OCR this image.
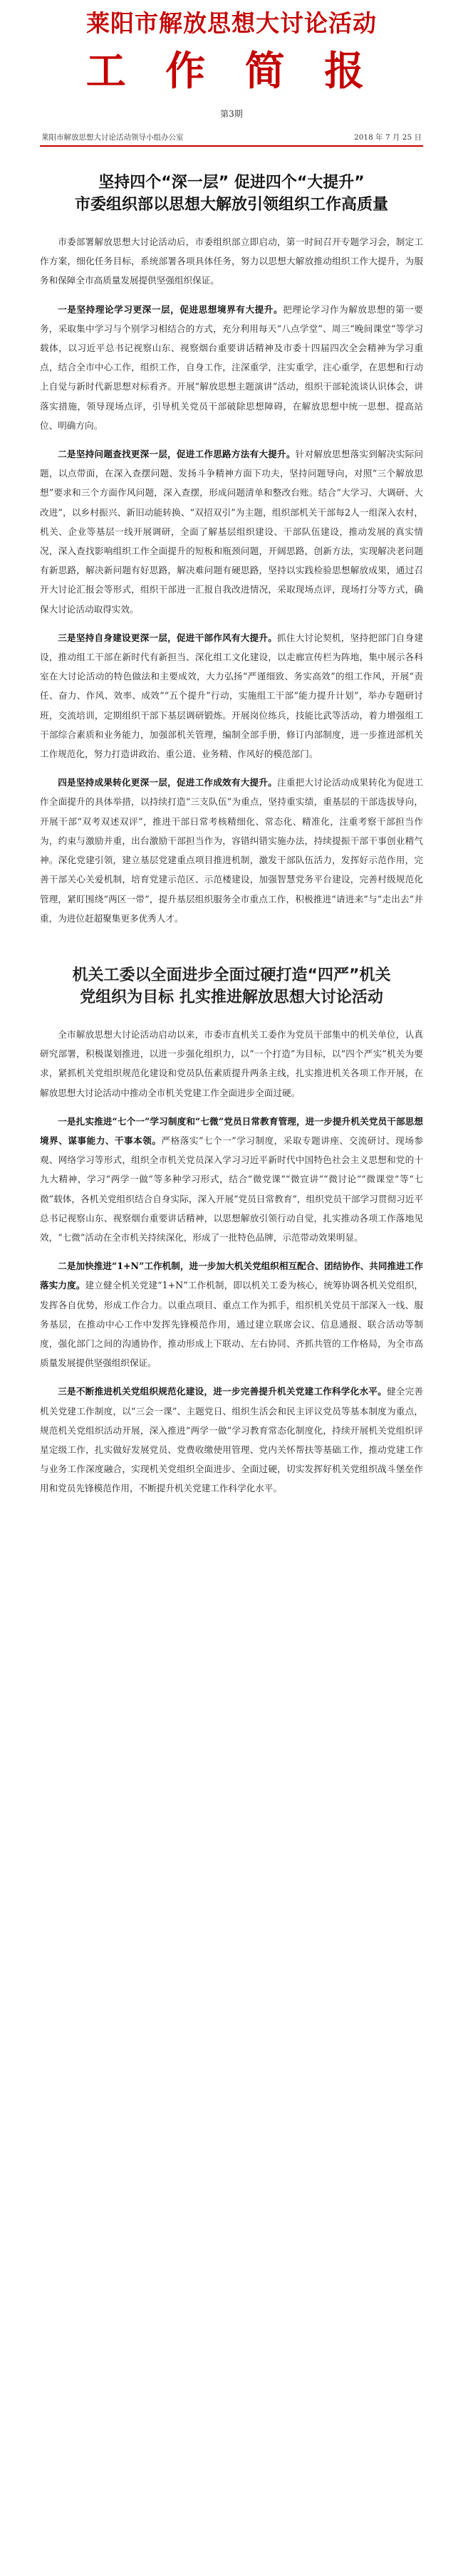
莱阳市解放思想大讨论活动
工 作 简 报
第3期
莱阳市解放思想大讨论活动领导小组办公室	2018 年 7 月 25 日
坚持四个“深一层” 促进四个“大提升”
市委组织部以思想大解放引领组织工作高质量

市委部署解放思想大讨论活动后，市委组织部立即启动，第一时间召开专题学习会，制定工作方案，细化任务目标，系统部署各项具体任务，努力以思想大解放推动组织工作大提升，为服务和保障全市高质量发展提供坚强组织保证。

一是坚持理论学习更深一层，促进思想境界有大提升。把理论学习作为解放思想的第一要务，采取集中学习与个别学习相结合的方式，充分利用每天“八点学堂”、周三“晚间课堂”等学习载体，以习近平总书记视察山东、视察烟台重要讲话精神及市委十四届四次全会精神为学习重点，结合全市中心工作，组织工作，自身工作，注深重学，注实重学，注心重学，在思想和行动上自觉与新时代新思想对标看齐。开展“解放思想主题演讲”活动，组织干部轮流谈认识体会，讲落实措施，领导现场点评，引导机关党员干部破除思想障碍，在解放思想中统一思想、提高站位、明确方向。

二是坚持问题查找更深一层，促进工作思路方法有大提升。针对解放思想落实到解决实际问题，以点带面，在深入查摆问题、发扬斗争精神方面下功夫，坚持问题导向，对照“三个解放思想”要求和三个方面作风问题，深入查摆，形成问题清单和整改台账。结合“大学习、大调研、大改进”，以乡村振兴、新旧动能转换、“双招双引”为主题，组织部机关干部每2人一组深入农村，机关、企业等基层一线开展调研，全面了解基层组织建设、干部队伍建设，推动发展的真实情况，深入查找影响组织工作全面提升的短板和瓶颈问题，开阔思路，创新方法，实现解决老问题有新思路，解决新问题有好思路，解决难问题有硬思路，坚持以实践检验思想解放成果，通过召开大讨论汇报会等形式，组织干部进一汇报自我改进情况，采取现场点评，现场打分等方式，确保大讨论活动取得实效。

三是坚持自身建设更深一层，促进干部作风有大提升。抓住大讨论契机，坚持把部门自身建设，推动组工干部在新时代有新担当、深化组工文化建设，以走廊宣传栏为阵地，集中展示各科室在大讨论活动的特色做法和主要成效，大力弘扬“严谨细致、务实高效”的组工作风，开展“责任、奋力、作风、效率、成效”“五个提升”行动，实施组工干部“能力提升计划”，举办专题研讨班，交流培训，定期组织干部下基层调研锻炼。开展岗位练兵，技能比武等活动，着力增强组工干部综合素质和业务能力，加强部机关管理，编制全部手册，修订内部制度，进一步推进部机关工作规范化，努力打造讲政治、重公道、业务精、作风好的模范部门。

四是坚持成果转化更深一层，促进工作成效有大提升。注重把大讨论活动成果转化为促进工作全面提升的具体举措，以持续打造“三支队伍”为重点，坚持重实绩，重基层的干部选拔导向，开展干部“双考双述双评”，推进干部日常考核精细化、常态化、精准化，注重考察干部担当作为，约束与激励并重，出台激励干部担当作为，容错纠错实施办法，持续提振干部干事创业精气神。深化党建引领，建立基层党建重点项目推进机制，激发干部队伍活力，发挥好示范作用，完善干部关心关爱机制，培育党建示范区、示范楼建设，加强智慧党务平台建设，完善村级规范化管理，紧盯围绕“两区一带”，提升基层组织服务全市重点工作，积极推进“请进来”与“走出去”并重，为进位赶超聚集更多优秀人才。

机关工委以全面进步全面过硬打造“四严”机关
党组织为目标 扎实推进解放思想大讨论活动

全市解放思想大讨论活动启动以来，市委市直机关工委作为党员干部集中的机关单位，认真研究部署，积极谋划推进，以进一步强化组织力，以“一个打造”为目标，以“四个严实”机关为要求，紧抓机关党组织规范化建设和党员队伍素质提升两条主线，扎实推进机关各项工作开展，在解放思想大讨论活动中推动全市机关党建工作全面进步全面过硬。

一是扎实推进“七个一”学习制度和“七微”党员日常教育管理，进一步提升机关党员干部思想境界、谋事能力、干事本领。严格落实“七个一”学习制度，采取专题讲座、交流研讨、现场参观、网络学习等形式，组织全市机关党员深入学习习近平新时代中国特色社会主义思想和党的十九大精神，学习“两学一做”等多种学习形式，结合“微党课”“微宣讲”“微讨论”“微课堂”等“七微”载体，各机关党组织结合自身实际，深入开展“党员日常教育”，组织党员干部学习贯彻习近平总书记视察山东、视察烟台重要讲话精神，以思想解放引领行动自觉，扎实推动各项工作落地见效，“七微”活动在全市机关持续深化，形成了一批特色品牌，示范带动效果明显。

二是加快推进“1+N”工作机制，进一步加大机关党组织相互配合、团结协作、共同推进工作落实力度。建立健全机关党建“1+N”工作机制，即以机关工委为核心，统筹协调各机关党组织，发挥各自优势，形成工作合力。以重点项目、重点工作为抓手，组织机关党员干部深入一线、服务基层，在推动中心工作中发挥先锋模范作用，通过建立联席会议、信息通报、联合活动等制度，强化部门之间的沟通协作，推动形成上下联动、左右协同、齐抓共管的工作格局，为全市高质量发展提供坚强组织保证。

三是不断推进机关党组织规范化建设，进一步完善提升机关党建工作科学化水平。健全完善机关党建工作制度，以“三会一课”、主题党日、组织生活会和民主评议党员等基本制度为重点，规范机关党组织活动开展，深入推进“两学一做”学习教育常态化制度化，持续开展机关党组织评星定级工作，扎实做好发展党员、党费收缴使用管理、党内关怀帮扶等基础工作，推动党建工作与业务工作深度融合，实现机关党组织全面进步、全面过硬，切实发挥好机关党组织战斗堡垒作用和党员先锋模范作用，不断提升机关党建工作科学化水平。
